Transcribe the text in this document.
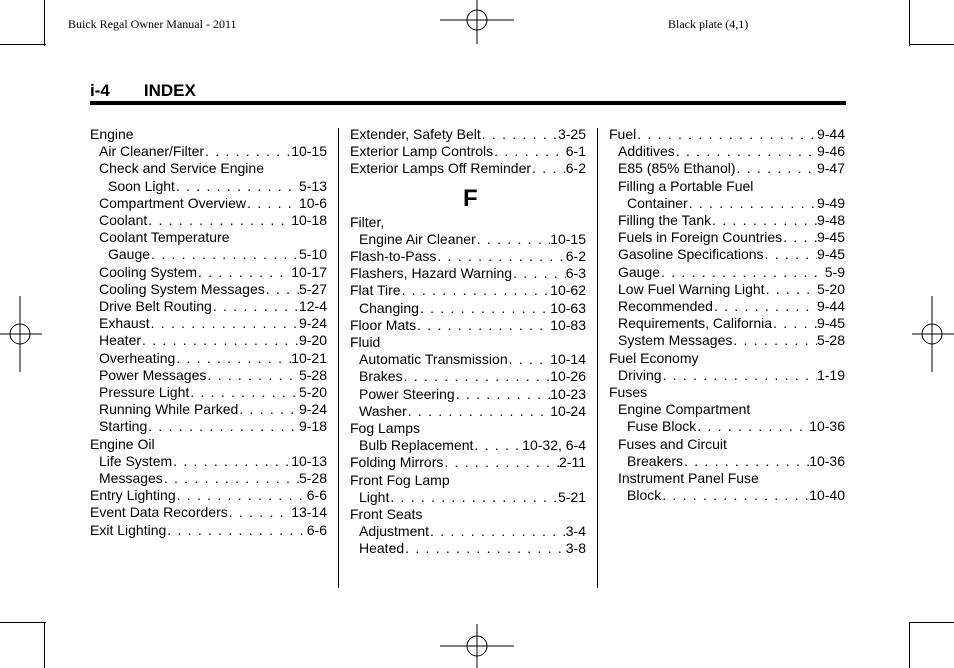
Buick Regal Owner Manual - 2011	Black plate (4,1)
i-4 INDEX
Engine
Air Cleaner/Filter . . .	10-15
Check and Service Engine
Soon Light . . .	5-13
Compartment Overview . . .	10-6
Coolant . . .	10-18
Coolant Temperature
Gauge . . .	5-10
Cooling System . . .	10-17
Cooling System Messages . . . 5-27
Drive Belt Routing . . .	12-4
Exhaust . . .	9-24
Heater . . .	9-20
Overheating . . .	10-21
Power Messages . . .	5-28
Pressure Light . . .	5-20
Running While Parked . . .	9-24
Starting . . .	9-18
Engine Oil
Life System . . .	10-13
Messages . . .	5-28
Entry Lighting . . .	6-6
Event Data Recorders . . .	13-14
Exit Lighting . . .	6-6
Extender, Safety Belt . . .	3-25
Exterior Lamp Controls . . .	6-1
Exterior Lamps Off Reminder . . . 6-2
F
Filter,
Engine Air Cleaner . . .	10-15
Flash-to-Pass . . .	6-2
Flashers, Hazard Warning . . .	6-3
Flat Tire . . .	10-62
Changing . . .	10-63
Floor Mats . . .	10-83
Fluid
Automatic Transmission . . .	10-14
Brakes . . .	10-26
Power Steering . . .	10-23
Washer . . .	10-24
Fog Lamps
Bulb Replacement . . .	10-32, 6-4
Folding Mirrors . . .	2-11
Front Fog Lamp
Light . . .	5-21
Front Seats
Adjustment . . .	3-4
Heated . . .	3-8
Fuel . . .	9-44
Additives . . .	9-46
E85 (85% Ethanol) . . .	9-47
Filling a Portable Fuel
Container . . .	9-49
Filling the Tank . . .	9-48
Fuels in Foreign Countries . . . 9-45
Gasoline Specifications . . .	9-45
Gauge . . .	5-9
Low Fuel Warning Light . . .	5-20
Recommended . . .	9-44
Requirements, California . . .	9-45
System Messages . . .	5-28
Fuel Economy
Driving . . .	1-19
Fuses
Engine Compartment
Fuse Block . . .	10-36
Fuses and Circuit
Breakers . . .	10-36
Instrument Panel Fuse
Block . . .	10-40
